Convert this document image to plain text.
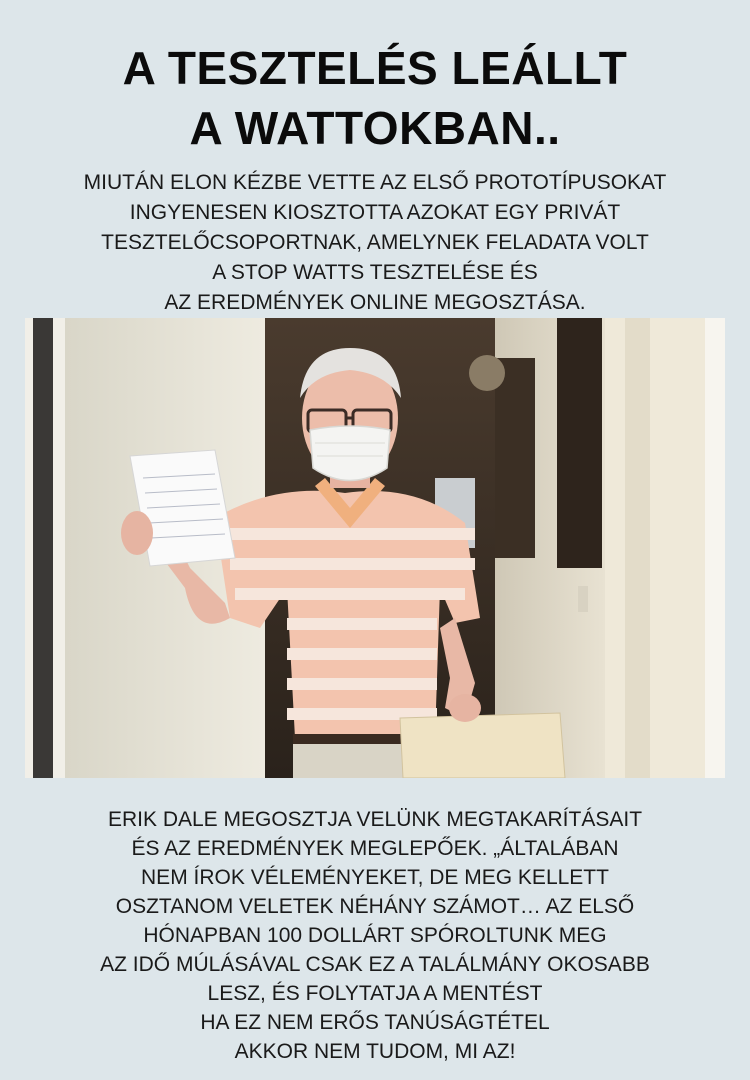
A TESZTELÉS LEÁLLT
A WATTOKBAN..
MIUTÁN ELON KÉZBE VETTE AZ ELSŐ PROTOTÍPUSOKAT
INGYENESEN KIOSZTOTTA AZOKAT EGY PRIVÁT
TESZTELŐCSOPORTNAK, AMELYNEK FELADATA VOLT
A STOP WATTS TESZTELÉSE ÉS
AZ EREDMÉNYEK ONLINE MEGOSZTÁSA.
ERIK DALE MEGOSZTJA VELÜNK MEGTAKARÍTÁSAIT
ÉS AZ EREDMÉNYEK MEGLEPŐEK. „ÁLTALÁBAN
NEM ÍROK VÉLEMÉNYEKET, DE MEG KELLETT
OSZTANOM VELETEK NÉHÁNY SZÁMOT… AZ ELSŐ
HÓNAPBAN 100 DOLLÁRT SPÓROLTUNK MEG
AZ IDŐ MÚLÁSÁVAL CSAK EZ A TALÁLMÁNY OKOSABB
LESZ, ÉS FOLYTATJA A MENTÉST
HA EZ NEM ERŐS TANÚSÁGTÉTEL
AKKOR NEM TUDOM, MI AZ!
